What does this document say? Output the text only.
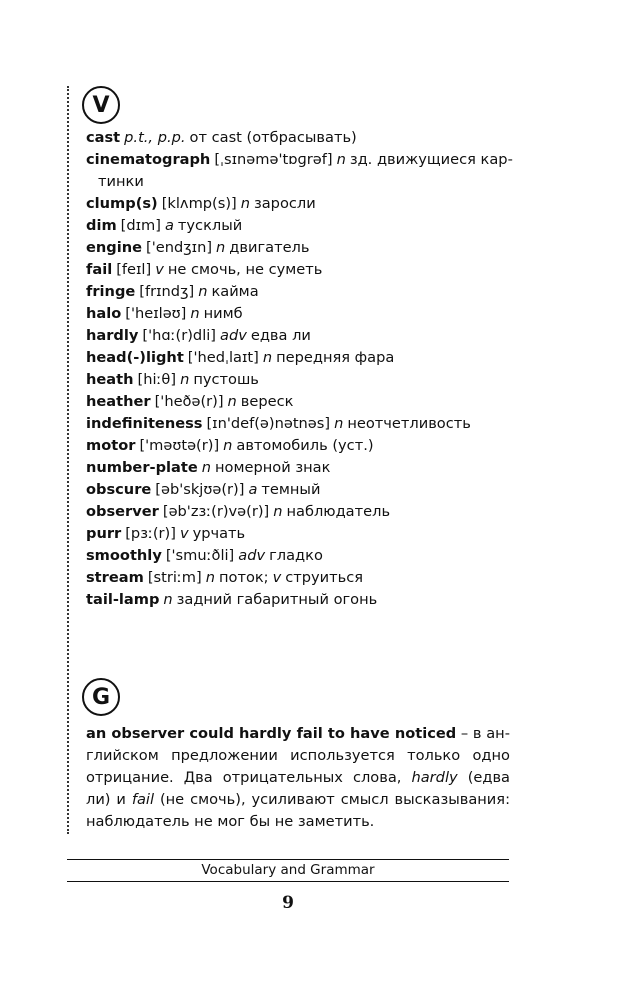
V
cast p.t., p.p. от cast (отбрасывать)
cinematograph [ˌsɪnəmə'tɒɡrəf] n зд. движущиеся кар-
тинки
clump(s) [klʌmp(s)] n заросли
dim [dɪm] a тусклый
engine ['endʒɪn] n двигатель
fail [feɪl] v не смочь, не суметь
fringe [frɪndʒ] n кайма
halo ['heɪləʊ] n нимб
hardly ['hɑː(r)dli] adv едва ли
head(-)light ['hedˌlaɪt] n передняя фара
heath [hiːθ] n пустошь
heather ['heðə(r)] n вереск
indefiniteness [ɪn'def(ə)nətnəs] n неотчетливость
motor ['məʊtə(r)] n автомобиль (уст.)
number-plate n номерной знак
obscure [əb'skjʊə(r)] a темный
observer [əb'zɜː(r)və(r)] n наблюдатель
purr [pɜː(r)] v урчать
smoothly ['smuːðli] adv гладко
stream [striːm] n поток; v струиться
tail-lamp n задний габаритный огонь
G
an observer could hardly fail to have noticed – в английском предложении используется только одно отрицание. Два отрицательных слова, hardly (едва ли) и fail (не смочь), усиливают смысл высказывания: наблюдатель не мог бы не заметить.
Vocabulary and Grammar
9
